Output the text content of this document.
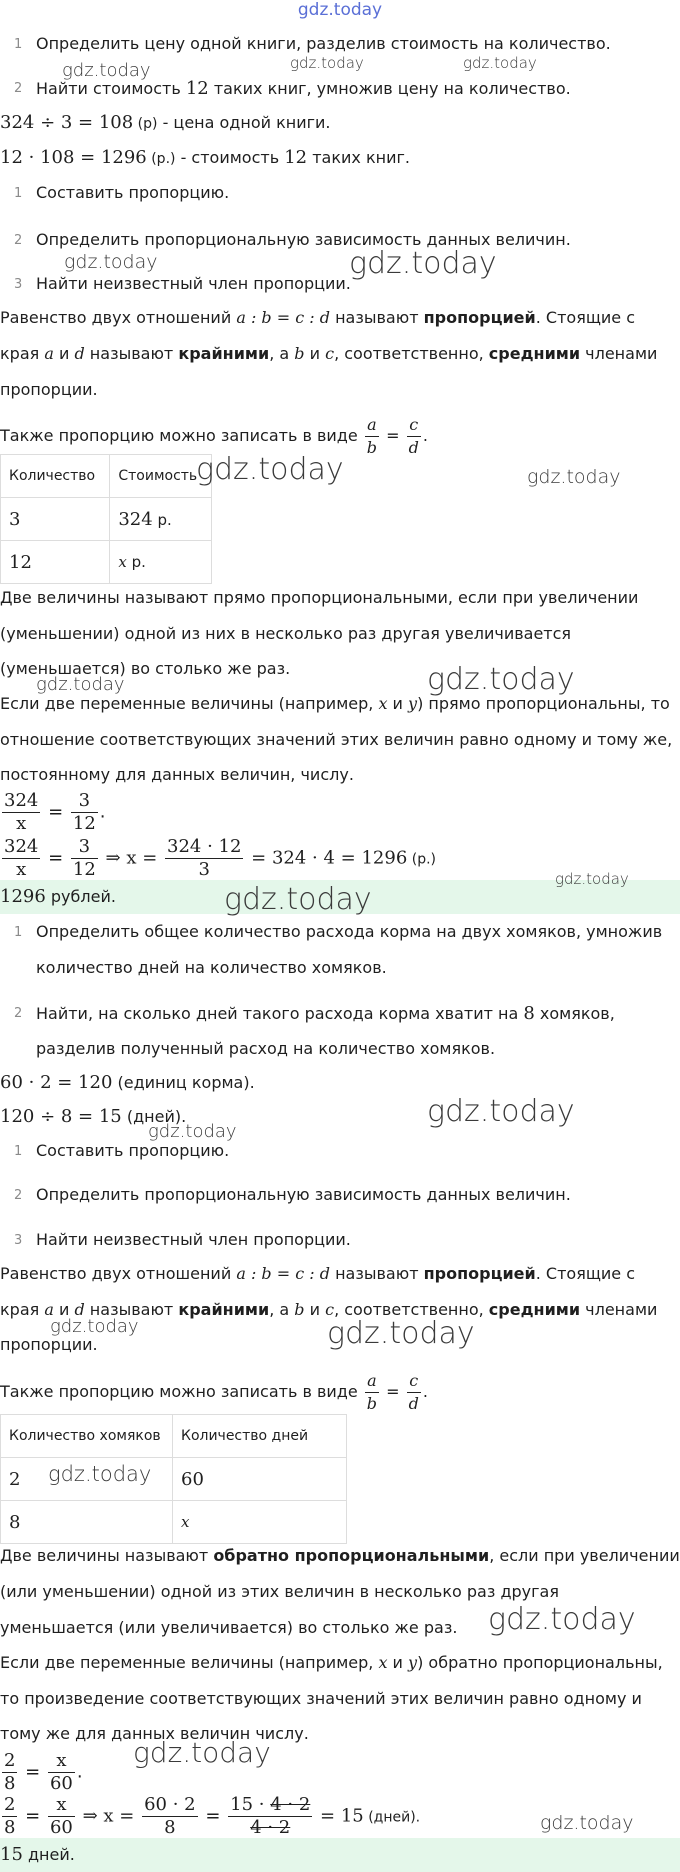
gdz.today
1 Определить цену одной книги, разделив стоимость на количество.
2 Найти стоимость 12 таких книг, умножив цену на количество.
324 ÷ 3 = 108 (р) - цена одной книги.
12 · 108 = 1296 (р.) - стоимость 12 таких книг.
1 Составить пропорцию.
2 Определить пропорциональную зависимость данных величин.
3 Найти неизвестный член пропорции.
Равенство двух отношений a : b = c : d называют пропорцией. Стоящие с
края a и d называют крайними, а b и c, соответственно, средними членами
пропорции.
Также пропорцию можно записать в виде $\frac{a}{b} = \frac{c}{d}$ .
Количество	Стоимость
3	324 р.
12	x р.
Две величины называют прямо пропорциональными, если при увеличении
(уменьшении) одной из них в несколько раз другая увеличивается
(уменьшается) во столько же раз.
Если две переменные величины (например, x и y) прямо пропорциональны, то
отношение соответствующих значений этих величин равно одному и тому же,
постоянному для данных величин, числу.
$\frac{324}{x} = \frac{3}{12}$ .
$\frac{324}{x} = \frac{3}{12}$ ⇒ $x = \frac{324 \cdot 12}{3} = 324 \cdot 4 = 1296$ (р.)
1296 рублей.
1 Определить общее количество расхода корма на двух хомяков, умножив
количество дней на количество хомяков.
2 Найти, на сколько дней такого расхода корма хватит на 8 хомяков,
разделив полученный расход на количество хомяков.
60 · 2 = 120 (единиц корма).
120 ÷ 8 = 15 (дней).
1 Составить пропорцию.
2 Определить пропорциональную зависимость данных величин.
3 Найти неизвестный член пропорции.
Равенство двух отношений a : b = c : d называют пропорцией. Стоящие с
края a и d называют крайними, а b и c, соответственно, средними членами
пропорции.
Также пропорцию можно записать в виде $\frac{a}{b} = \frac{c}{d}$ .
Количество хомяков	Количество дней
2	60
8	x
Две величины называют обратно пропорциональными, если при увеличении
(или уменьшении) одной из этих величин в несколько раз другая
уменьшается (или увеличивается) во столько же раз.
Если две переменные величины (например, x и y) обратно пропорциональны,
то произведение соответствующих значений этих величин равно одному и
тому же для данных величин числу.
$\frac{2}{8} = \frac{x}{60}$ .
$\frac{2}{8} = \frac{x}{60}$ ⇒ $x = \frac{60 \cdot 2}{8} = \frac{15 \cdot 4 \cdot 2}{4 \cdot 2} = 15$ (дней).
15 дней.
gdz.today	gdz.today	gdz.today
gdz.today	gdz.today
gdz.today	gdz.today
gdz.today	gdz.today
gdz.today
gdz.today
gdz.today
gdz.today
gdz.today	gdz.today
gdz.today
gdz.today
gdz.today
gdz.today
